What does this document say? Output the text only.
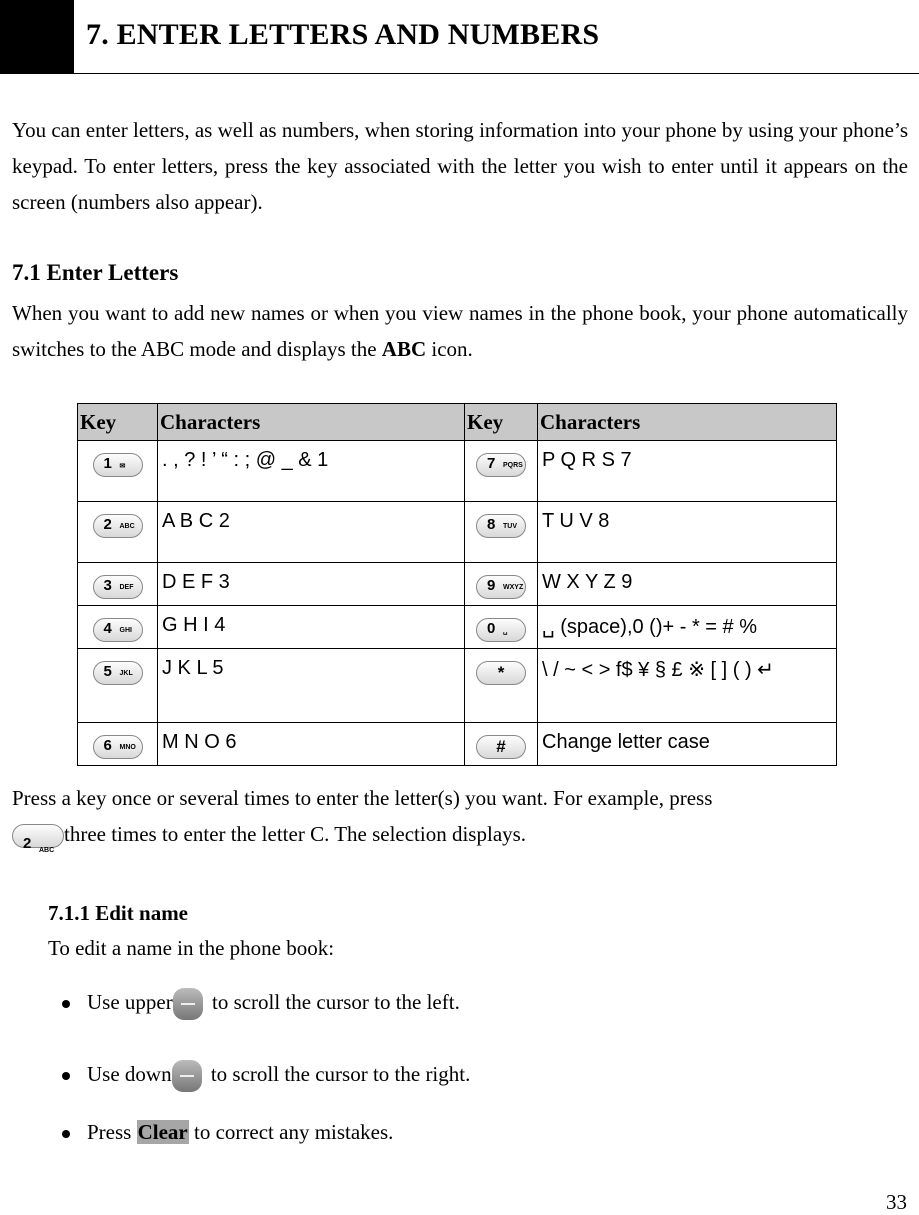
7. ENTER LETTERS AND NUMBERS
You can enter letters, as well as numbers, when storing information into your phone by using your phone’s keypad. To enter letters, press the key associated with the letter you wish to enter until it appears on the screen (numbers also appear).
7.1 Enter Letters
When you want to add new names or when you view names in the phone book, your phone automatically switches to the ABC mode and displays the ABC icon.
Key	Characters	Key	Characters

1 ✉	. , ? ! ’ “ : ; @ _ & 1	7 PQRS	P Q R S 7

2 ABC	A B C 2	8 TUV	T U V 8

3 DEF	D E F 3	9 WXYZ	W X Y Z 9

4 GHI	G H I 4	0 ␣	␣ (space),0 ()+ - * = # %

5 JKL	J K L 5	*	\ / ~ < > f$ ¥ § £ ※ [ ] ( ) ↵

6 MNO	M N O 6	#	Change letter case
Press a key once or several times to enter the letter(s) you want. For example, press
2 ABC
three times to enter the letter C. The selection displays.
7.1.1 Edit name
To edit a name in the phone book:
Use upper to scroll the cursor to the left.
Use down to scroll the cursor to the right.
Press Clear to correct any mistakes.
33
